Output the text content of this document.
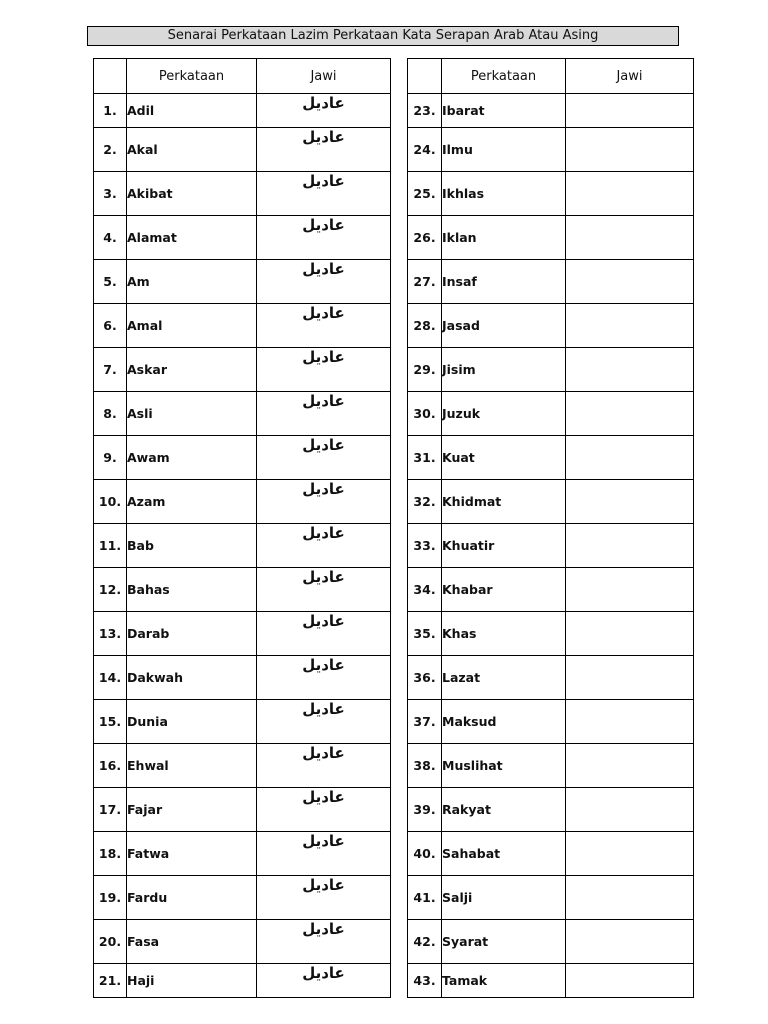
Senarai Perkataan Lazim Perkataan Kata Serapan Arab Atau Asing
	Perkataan	Jawi
1.	Adil	عاديل
2.	Akal	عاديل
3.	Akibat	عاديل
4.	Alamat	عاديل
5.	Am	عاديل
6.	Amal	عاديل
7.	Askar	عاديل
8.	Asli	عاديل
9.	Awam	عاديل
10.	Azam	عاديل
11.	Bab	عاديل
12.	Bahas	عاديل
13.	Darab	عاديل
14.	Dakwah	عاديل
15.	Dunia	عاديل
16.	Ehwal	عاديل
17.	Fajar	عاديل
18.	Fatwa	عاديل
19.	Fardu	عاديل
20.	Fasa	عاديل
21.	Haji	عاديل
	Perkataan	Jawi
23.	Ibarat	
24.	Ilmu	
25.	Ikhlas	
26.	Iklan	
27.	Insaf	
28.	Jasad	
29.	Jisim	
30.	Juzuk	
31.	Kuat	
32.	Khidmat	
33.	Khuatir	
34.	Khabar	
35.	Khas	
36.	Lazat	
37.	Maksud	
38.	Muslihat	
39.	Rakyat	
40.	Sahabat	
41.	Salji	
42.	Syarat	
43.	Tamak	
